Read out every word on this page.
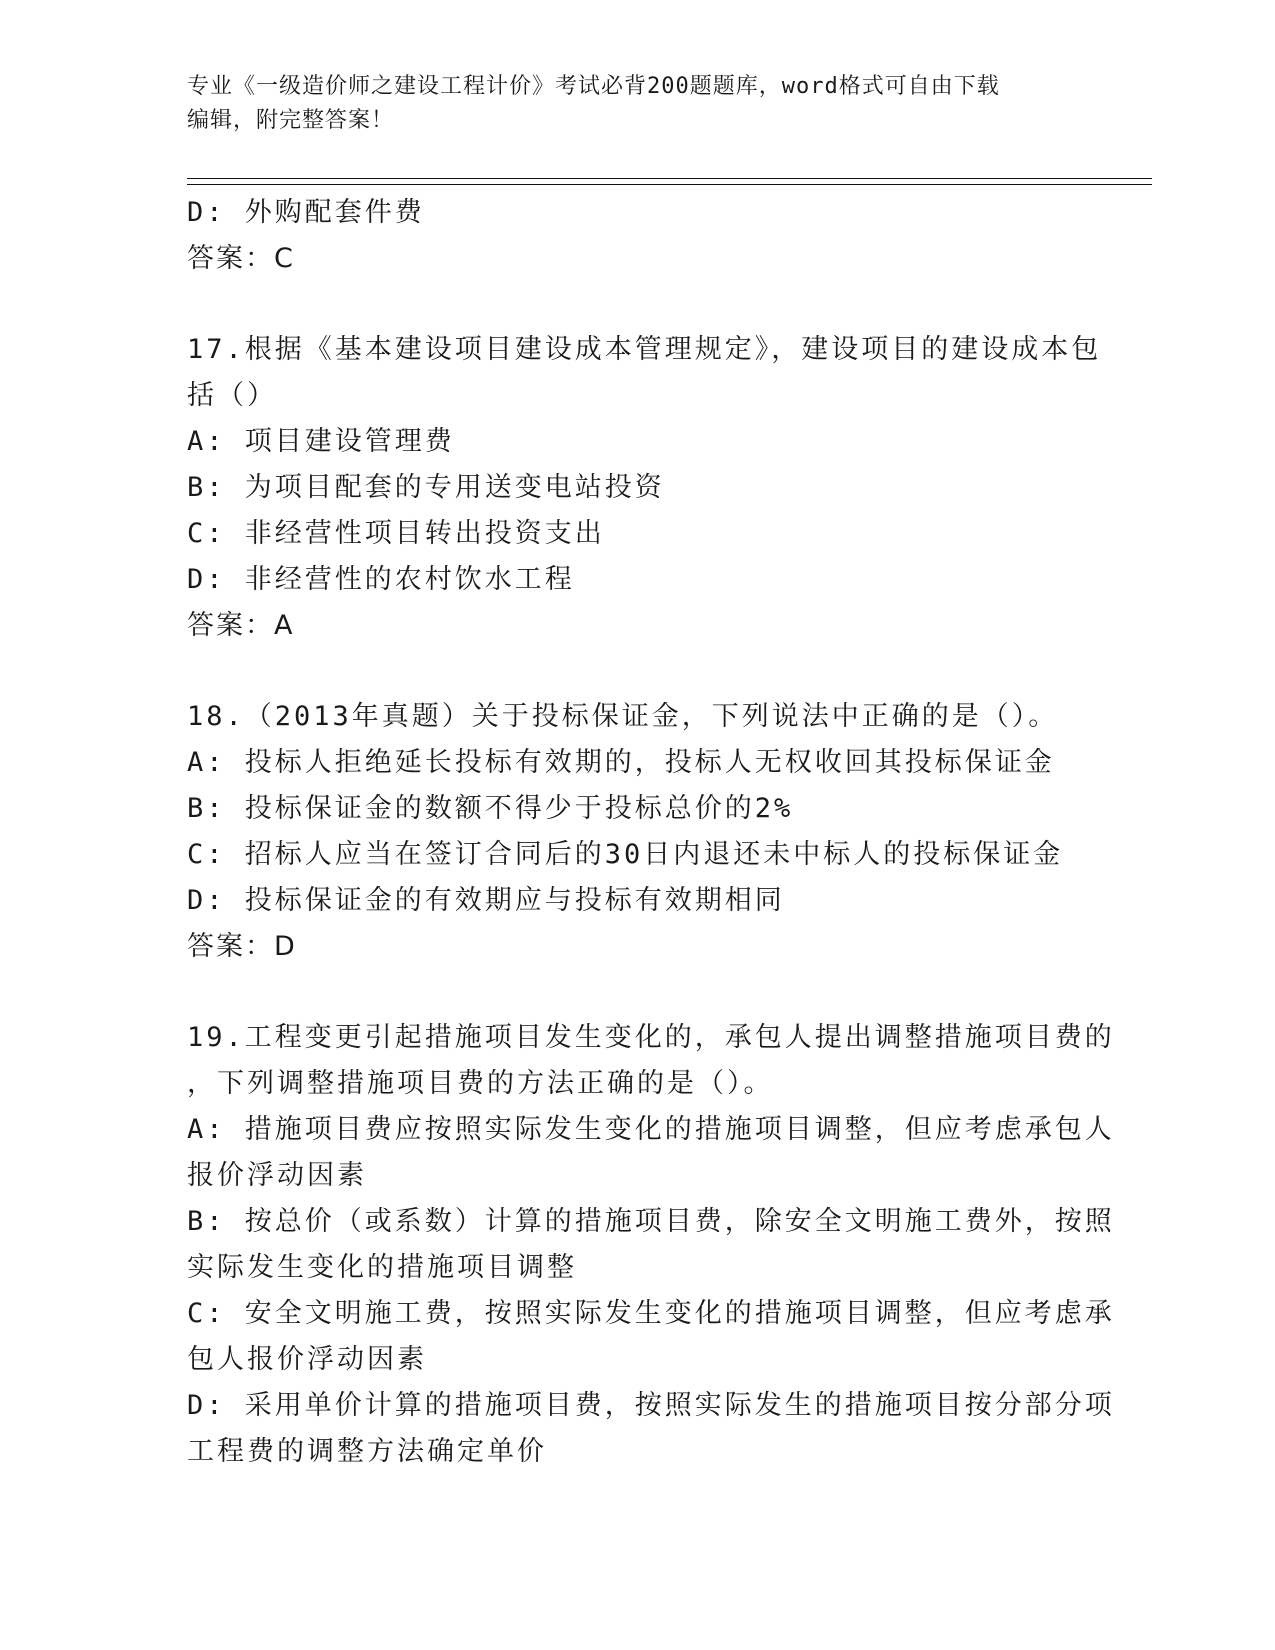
专业《一级造价师之建设工程计价》考试必背200题题库，word格式可自由下载
编辑，附完整答案！
D: 外购配套件费
答案：C
17.根据《基本建设项目建设成本管理规定》，建设项目的建设成本包
括（）
A: 项目建设管理费
B: 为项目配套的专用送变电站投资
C: 非经营性项目转出投资支出
D: 非经营性的农村饮水工程
答案：A
18.（2013年真题）关于投标保证金，下列说法中正确的是（）。
A: 投标人拒绝延长投标有效期的，投标人无权收回其投标保证金
B: 投标保证金的数额不得少于投标总价的2%
C: 招标人应当在签订合同后的30日内退还未中标人的投标保证金
D: 投标保证金的有效期应与投标有效期相同
答案：D
19.工程变更引起措施项目发生变化的，承包人提出调整措施项目费的
，下列调整措施项目费的方法正确的是（）。
A: 措施项目费应按照实际发生变化的措施项目调整，但应考虑承包人
报价浮动因素
B: 按总价（或系数）计算的措施项目费，除安全文明施工费外，按照
实际发生变化的措施项目调整
C: 安全文明施工费，按照实际发生变化的措施项目调整，但应考虑承
包人报价浮动因素
D: 采用单价计算的措施项目费，按照实际发生的措施项目按分部分项
工程费的调整方法确定单价
